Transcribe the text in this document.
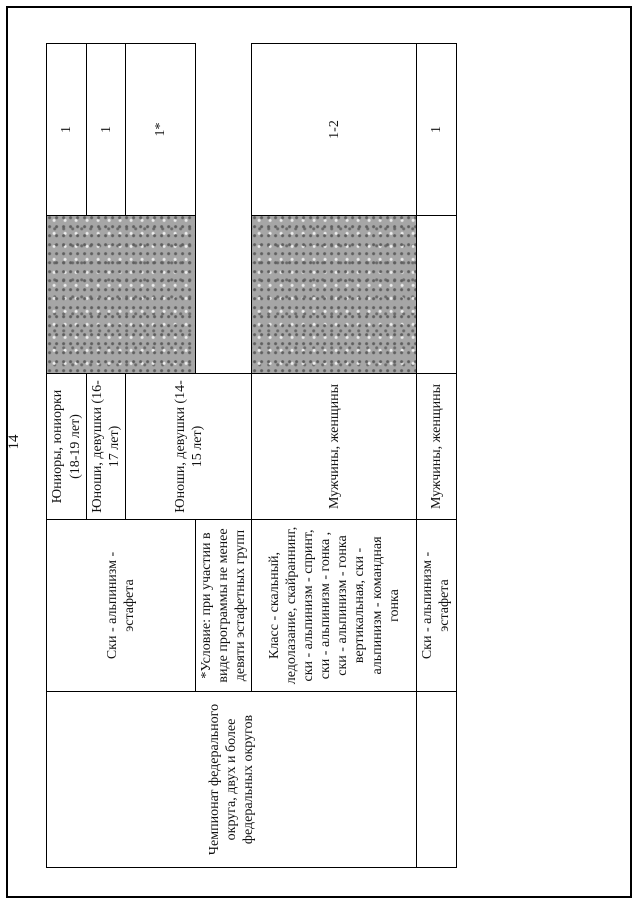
14
Чемпионат федерального округа, двух и более федеральных округов	Ски - альпинизм - эстафета	Юниоры, юниорки (18-19 лет)		1
		Юноши, девушки (16-17 лет)		1
		Юноши, девушки (14-15 лет)		1*
	*Условие: при участии в виде программы не менее девяти эстафетных групп			
	Класс - скальный, ледолазание, скайраннинг, ски - альпинизм - спринт, ски - альпинизм - гонка , ски - альпинизм - гонка вертикальная, ски - альпинизм - командная гонка	Мужчины, женщины		1-2
	Ски - альпинизм - эстафета	Мужчины, женщины		1
